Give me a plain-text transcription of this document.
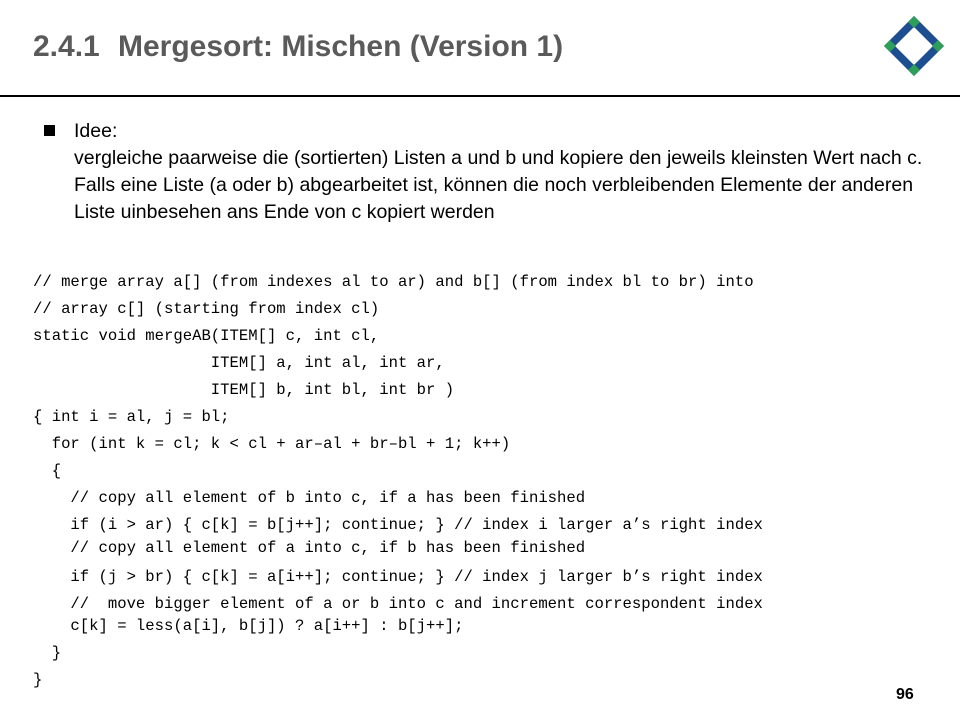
2.4.1 Mergesort: Mischen (Version 1)
Idee:
vergleiche paarweise die (sortierten) Listen a und b und kopiere den jeweils kleinsten Wert nach c. Falls eine Liste (a oder b) abgearbeitet ist, können die noch verbleibenden Elemente der anderen Liste uinbesehen ans Ende von c kopiert werden

// merge array a[] (from indexes al to ar) and b[] (from index bl to br) into

// array c[] (starting from index cl)

static void mergeAB(ITEM[] c, int cl,

ITEM[] a, int al, int ar,

ITEM[] b, int bl, int br )

{ int i = al, j = bl;

for (int k = cl; k < cl + ar–al + br–bl + 1; k++)

{

// copy all element of b into c, if a has been finished

if (i > ar) { c[k] = b[j++]; continue; } // index i larger a’s right index

// copy all element of a into c, if b has been finished

if (j > br) { c[k] = a[i++]; continue; } // index j larger b’s right index

//  move bigger element of a or b into c and increment correspondent index

c[k] = less(a[i], b[j]) ? a[i++] : b[j++];

}

}

96
